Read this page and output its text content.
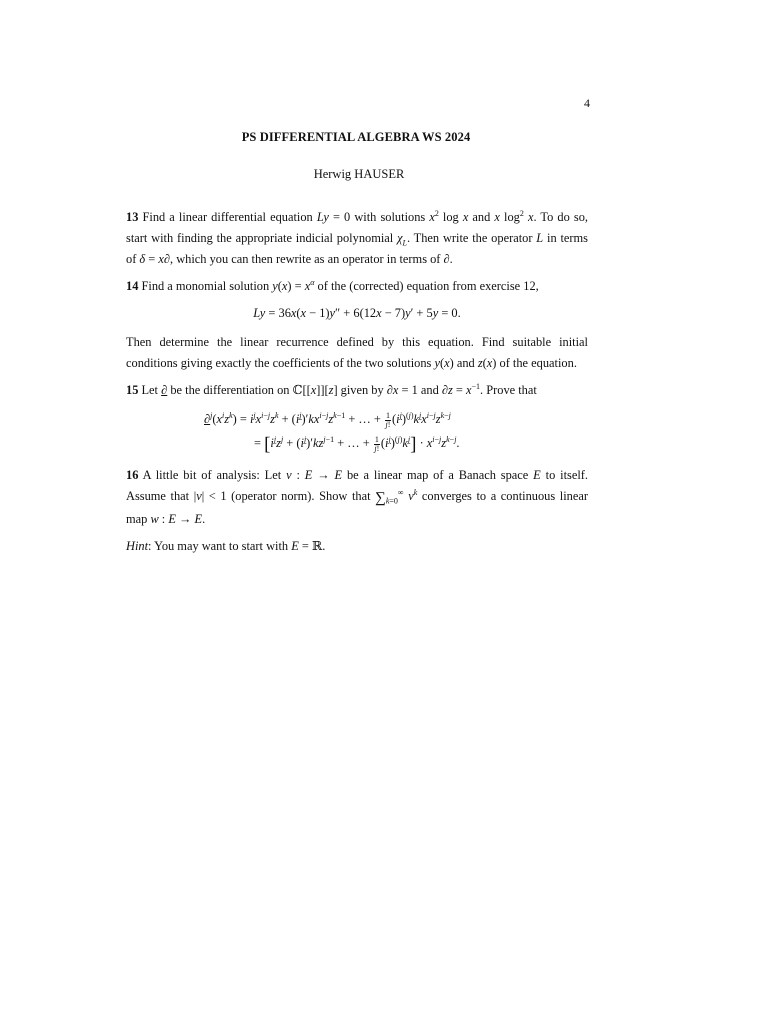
4
PS DIFFERENTIAL ALGEBRA WS 2024
Herwig HAUSER

13 Find a linear differential equation Ly = 0 with solutions $x^2$ log x and x $\log^2 x$. To do so, start with finding the appropriate indicial polynomial $\chi_L$. Then write the operator L in terms of δ = x∂, which you can then rewrite as an operator in terms of ∂.

14 Find a monomial solution $y(x) = x^\alpha$ of the (corrected) equation from exercise 12,

Ly = 36x(x − 1)y″ + 6(12x − 7)y′ + 5y = 0.

Then determine the linear recurrence defined by this equation. Find suitable initial conditions giving exactly the coefficients of the two solutions y(x) and z(x) of the equation.

15 Let ∂ be the differentiation on ℂ[[x]][z] given by ∂x = 1 and $\partial z = x^{-1}$. Prove that

$\partial^j(x^iz^k) = i^jx^{i-j}z^k + (i^j)'kx^{i-j}z^{k-1}$ + … + $\frac{1}{j!} (i^j)^{(j)}k^jx^{i-j}z^{k-j}$
= [$i^jz^j + (i^j)'kz^{j-1}$ + … + $\frac{1}{j!} (i^j)^{(j)}k^j] \cdot x^{i-j}z^{k-j}$.

16 A little bit of analysis: Let v : E → E be a linear map of a Banach space E to itself. Assume that |v| < 1 (operator norm). Show that $\sum_{k=0}^\infty$ $v^k$ converges to a continuous linear map w : E → E.

Hint: You may want to start with E = ℝ.
